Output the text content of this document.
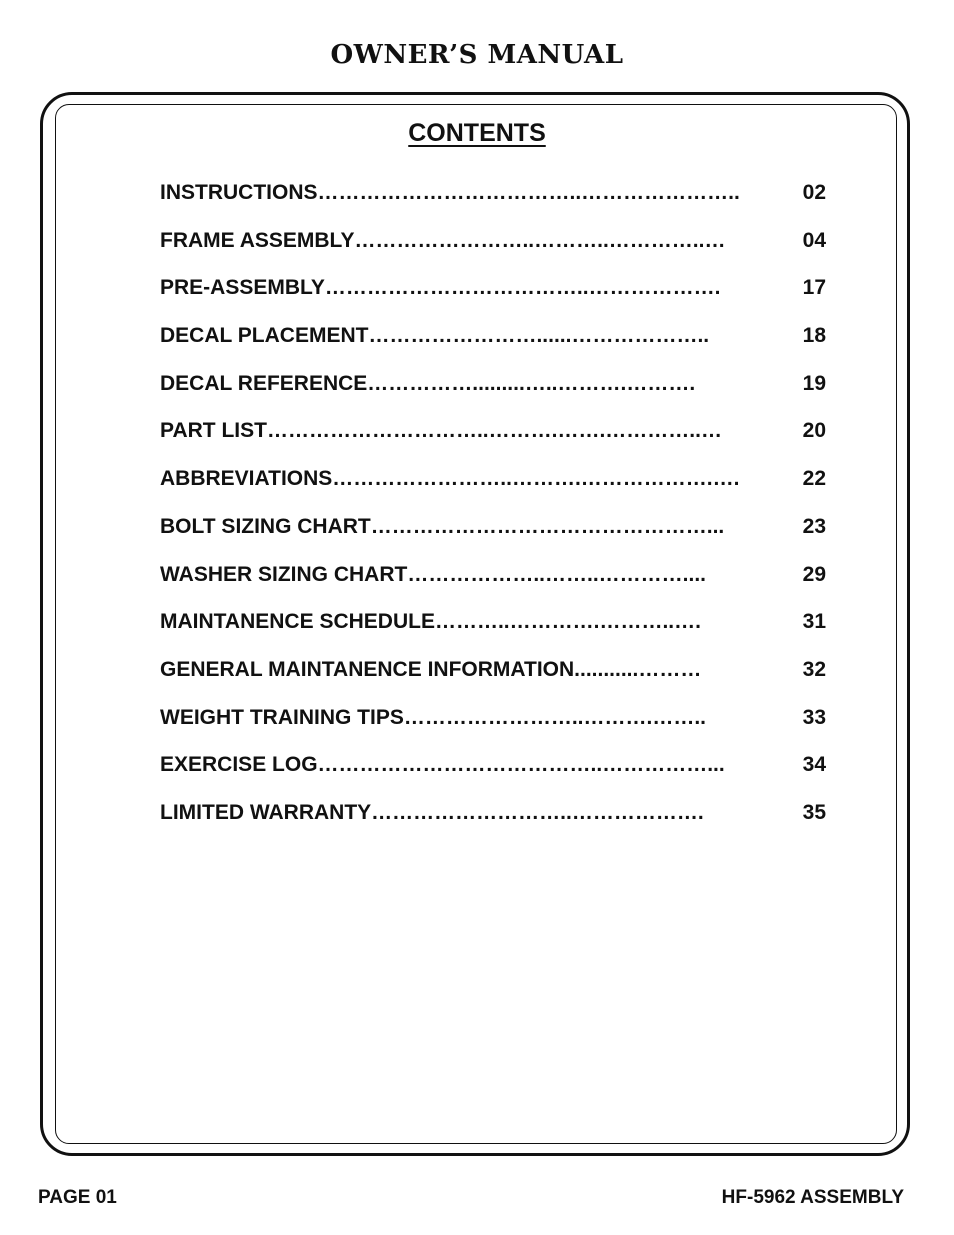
OWNER’S MANUAL
CONTENTS
INSTRUCTIONS………………………………..…………………..	02
FRAME ASSEMBLY……………………..………..…………..…	04
PRE-ASSEMBLY………………………………..……………….	17
DECAL PLACEMENT……………………......………………..	18
DECAL REFERENCE…………….........…..……….……….	19
PART LIST…………………………..……….…….…………..…	20
ABBREVIATIONS……………………..……….……………….….	22
BOLT SIZING CHART…………………………………………...	23
WASHER SIZING CHART………………..……..…………....	29
MAINTANENCE SCHEDULE………..………….………..….	31
GENERAL MAINTANENCE INFORMATION...........………	32
WEIGHT TRAINING TIPS……………………..……….……..	33
EXERCISE LOG…………………………………..……………...	34
LIMITED WARRANTY………………………..……………….	35
PAGE 01	HF-5962 ASSEMBLY
